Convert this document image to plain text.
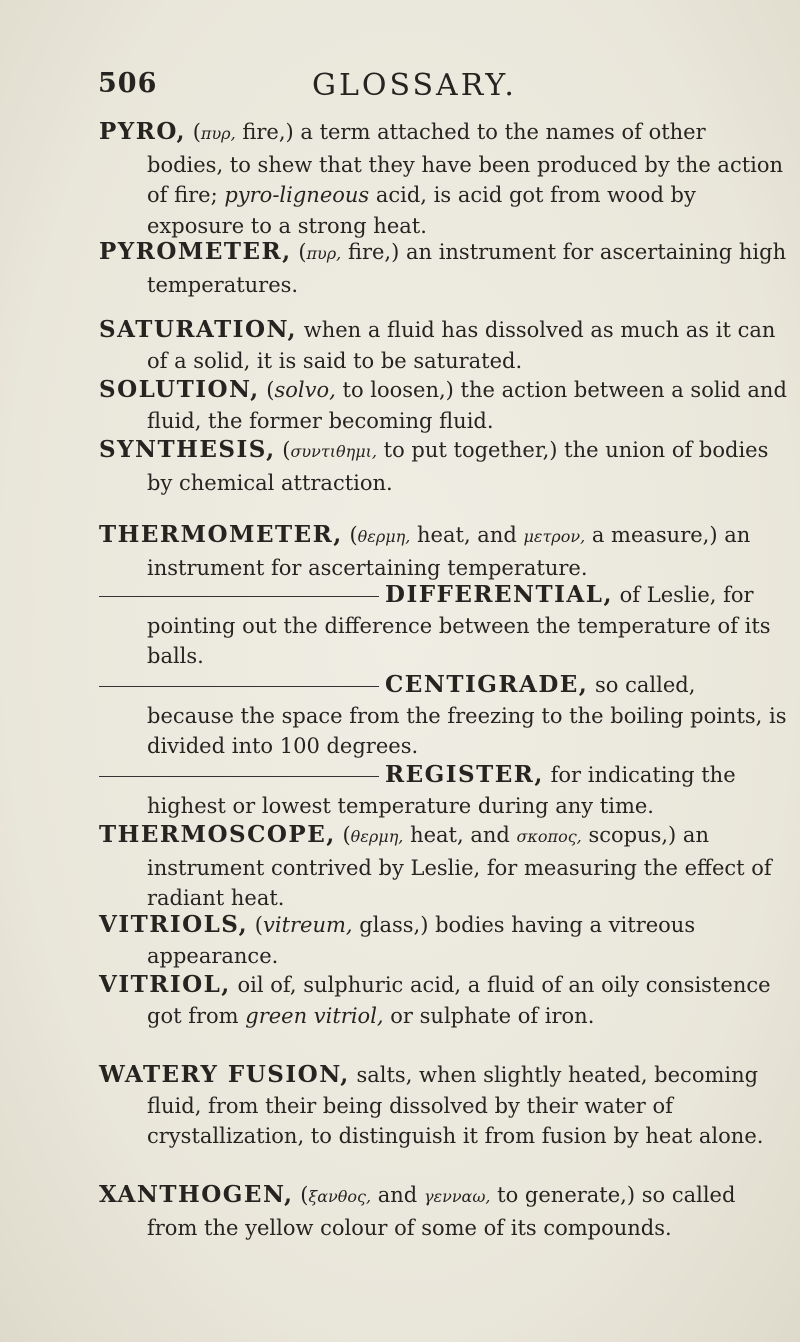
506	GLOSSARY.

PYRO, (πυρ, fire,) a term attached to the names of other bodies, to shew that they have been produced by the action of fire; pyro-ligneous acid, is acid got from wood by exposure to a strong heat.

PYROMETER, (πυρ, fire,) an instrument for ascertaining high temperatures.

SATURATION, when a fluid has dissolved as much as it can of a solid, it is said to be saturated.

SOLUTION, (solvo, to loosen,) the action between a solid and fluid, the former becoming fluid.

SYNTHESIS, (συντιθημι, to put together,) the union of bodies by chemical attraction.

THERMOMETER, (θερμη, heat, and μετρον, a measure,) an instrument for ascertaining temperature.

DIFFERENTIAL, of Leslie, for pointing out the difference between the temperature of its balls.

CENTIGRADE, so called, because the space from the freezing to the boiling points, is divided into 100 degrees.

REGISTER, for indicating the highest or lowest temperature during any time.

THERMOSCOPE, (θερμη, heat, and σκοπος, scopus,) an instrument contrived by Leslie, for measuring the effect of radiant heat.

VITRIOLS, (vitreum, glass,) bodies having a vitreous appearance.

VITRIOL, oil of, sulphuric acid, a fluid of an oily consistence got from green vitriol, or sulphate of iron.

WATERY FUSION, salts, when slightly heated, becoming fluid, from their being dissolved by their water of crystallization, to distinguish it from fusion by heat alone.

XANTHOGEN, (ξανθος, and γενναω, to generate,) so called from the yellow colour of some of its compounds.
